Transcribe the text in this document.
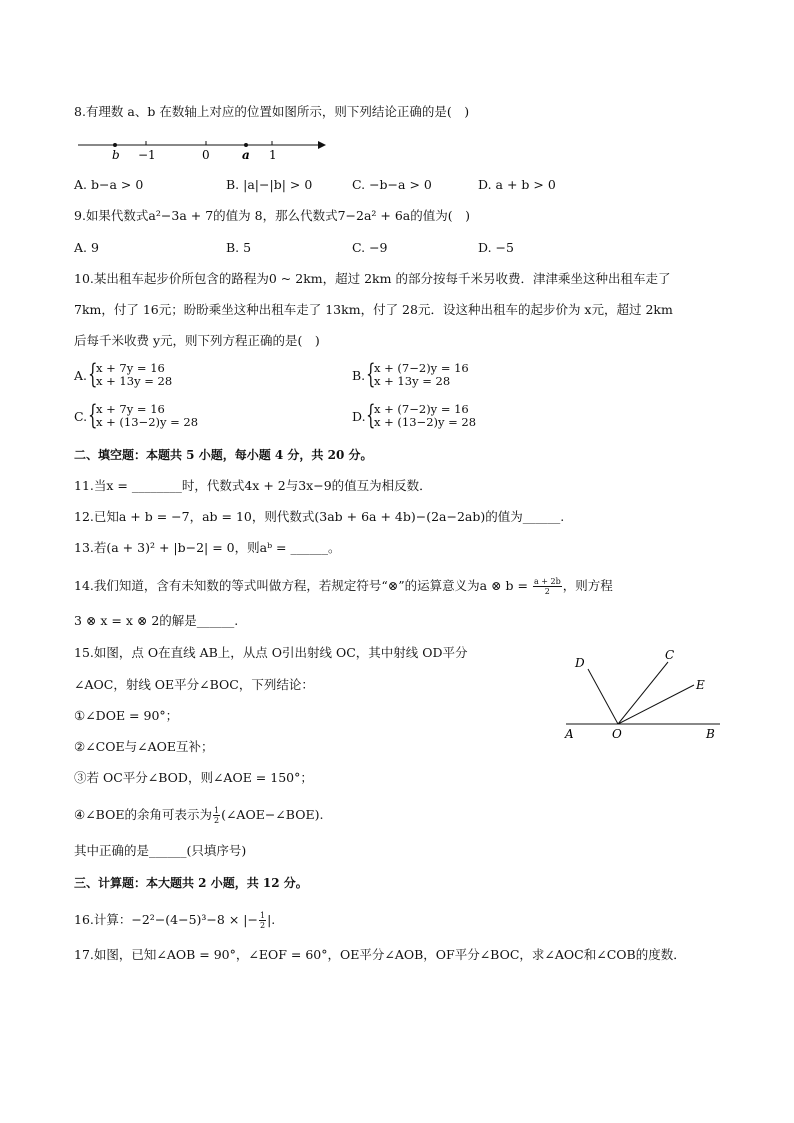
8.有理数 a、b 在数轴上对应的位置如图所示，则下列结论正确的是(　)
b −1	0	a 1
A. b−a > 0	B. |a|−|b| > 0	C. −b−a > 0	D. a + b > 0
9.如果代数式a²−3a + 7的值为 8，那么代数式7−2a² + 6a的值为(　)
A. 9	B. 5	C. −9	D. −5
10.某出租车起步价所包含的路程为0 ~ 2km，超过 2km 的部分按每千米另收费．津津乘坐这种出租车走了
7km，付了 16元；盼盼乘坐这种出租车走了 13km，付了 28元．设这种出租车的起步价为 x元，超过 2km
后每千米收费 y元，则下列方程正确的是(　)
A. {
x + 7y = 16
x + 13y = 28	B. {
x + (7−2)y = 16
x + 13y = 28
C. {
x + 7y = 16
x + (13−2)y = 28	D. {
x + (7−2)y = 16
x + (13−2)y = 28
二、填空题：本题共 5 小题，每小题 4 分，共 20 分。
11.当x = ________时，代数式4x + 2与3x−9的值互为相反数．
12.已知a + b = −7，ab = 10，则代数式(3ab + 6a + 4b)−(2a−2ab)的值为______.
13.若(a + 3)² + |b−2| = 0，则aᵇ = ______。
14.我们知道，含有未知数的等式叫做方程，若规定符号“⊗”的运算意义为a ⊗ $b = \frac{a + 2b}{2}$ ，则方程
3 ⊗ x = x ⊗ 2的解是______.
15.如图，点 O在直线 AB上，从点 O引出射线 OC，其中射线 OD平分
∠AOC，射线 OE平分∠BOC，下列结论：
①∠DOE = 90°；
②∠COE与∠AOE互补；
③若 OC平分∠BOD，则∠AOE = 150°；
④∠BOE的余角可表示为 $\frac{1}{2}$ (∠AOE−∠BOE).
其中正确的是______(只填序号)
D
C
E
A	O	B
三、计算题：本大题共 2 小题，共 12 分。
16.计算：−2²−(4−5)³−8 × |− $\frac{1}{2}$ |.
17.如图，已知∠AOB = 90°，∠EOF = 60°，OE平分∠AOB，OF平分∠BOC，求∠AOC和∠COB的度数．
